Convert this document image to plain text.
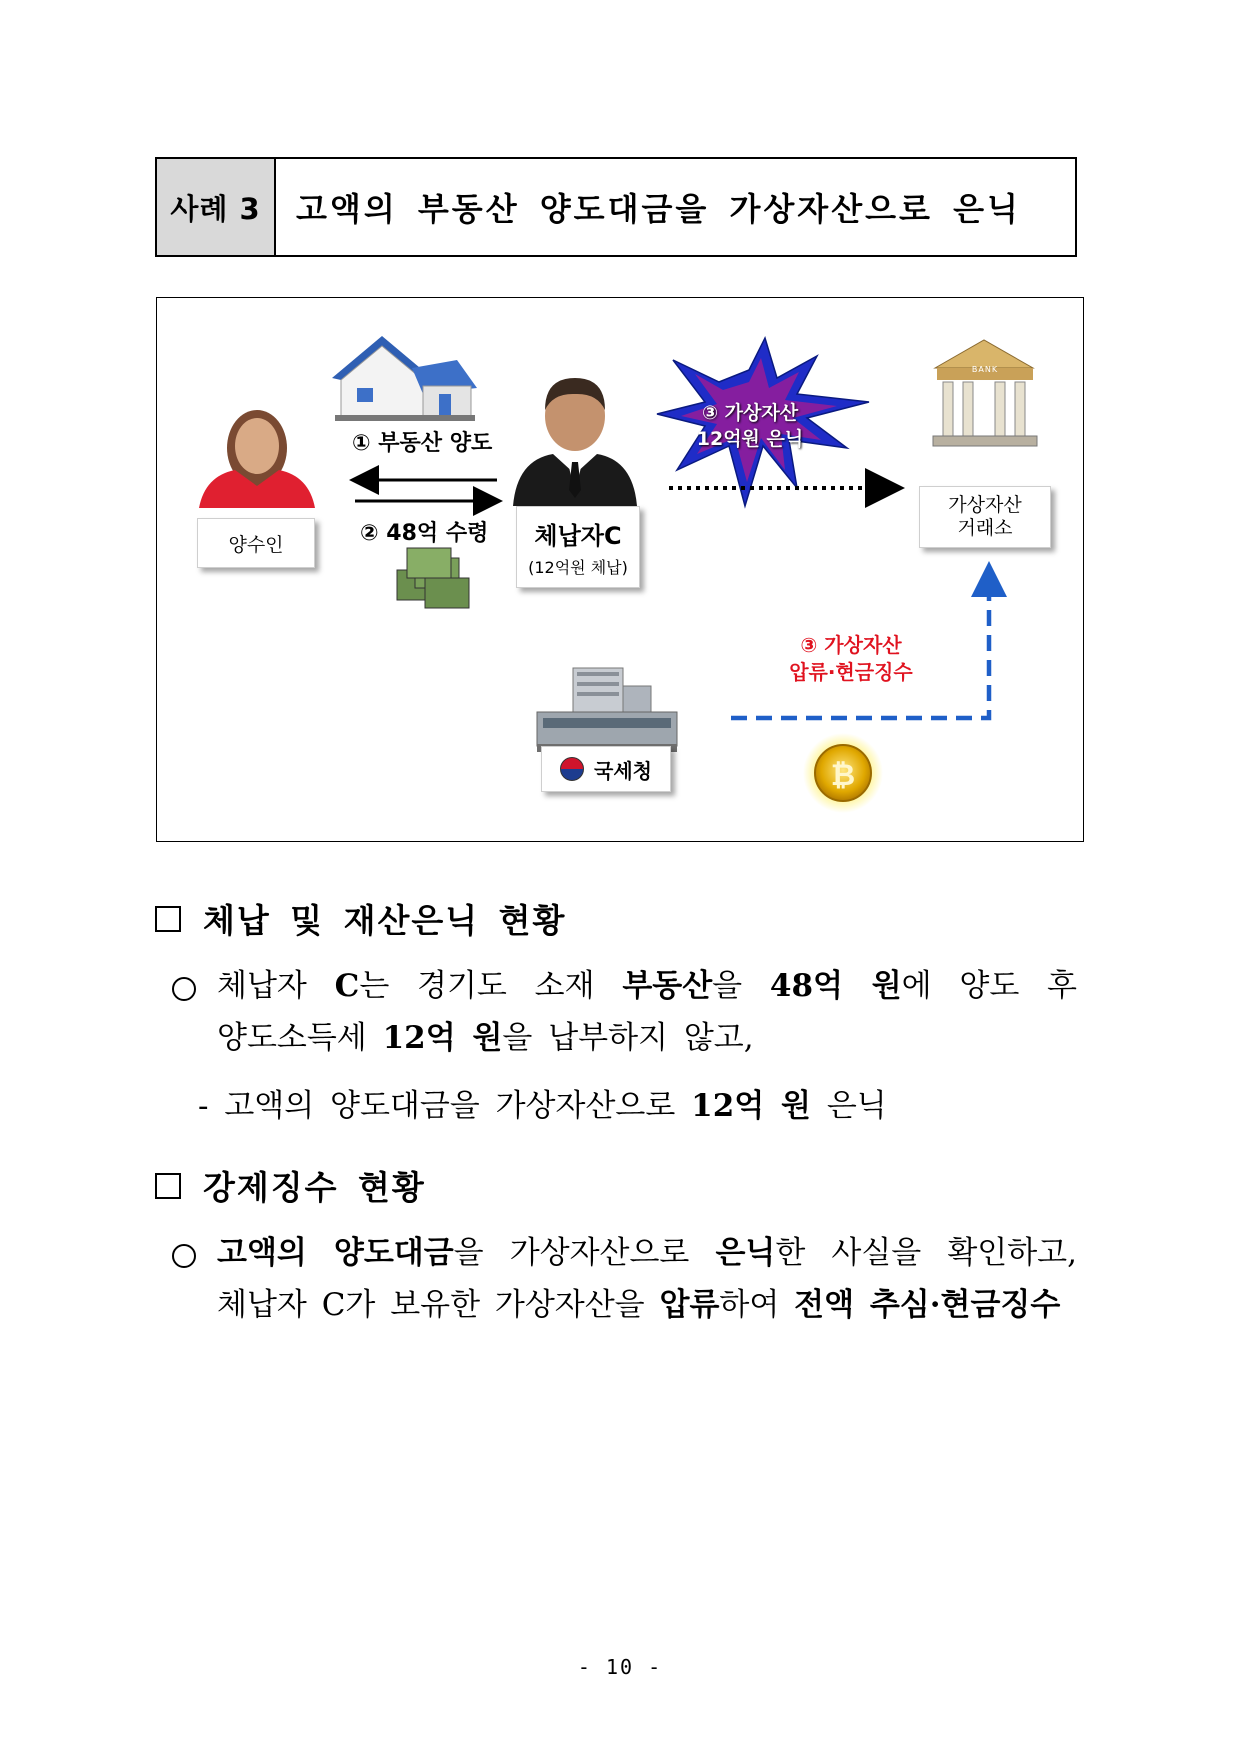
사례 3	고액의 부동산 양도대금을 가상자산으로 은닉
₿
① 부동산 양도
② 48억 수령
양수인	체납자C
(12억원 체납)
③ 가상자산
12억원 은닉
BANK
가상자산
거래소
③ 가상자산
압류·현금징수
국세청
체납 및 재산은닉 현황
체납자 C는 경기도 소재 부동산을 48억 원에 양도 후
양도소득세 12억 원을 납부하지 않고,
- 고액의 양도대금을 가상자산으로 12억 원 은닉
강제징수 현황
고액의 양도대금을 가상자산으로 은닉한 사실을 확인하고,
체납자 C가 보유한 가상자산을 압류하여 전액 추심·현금징수
- 10 -
